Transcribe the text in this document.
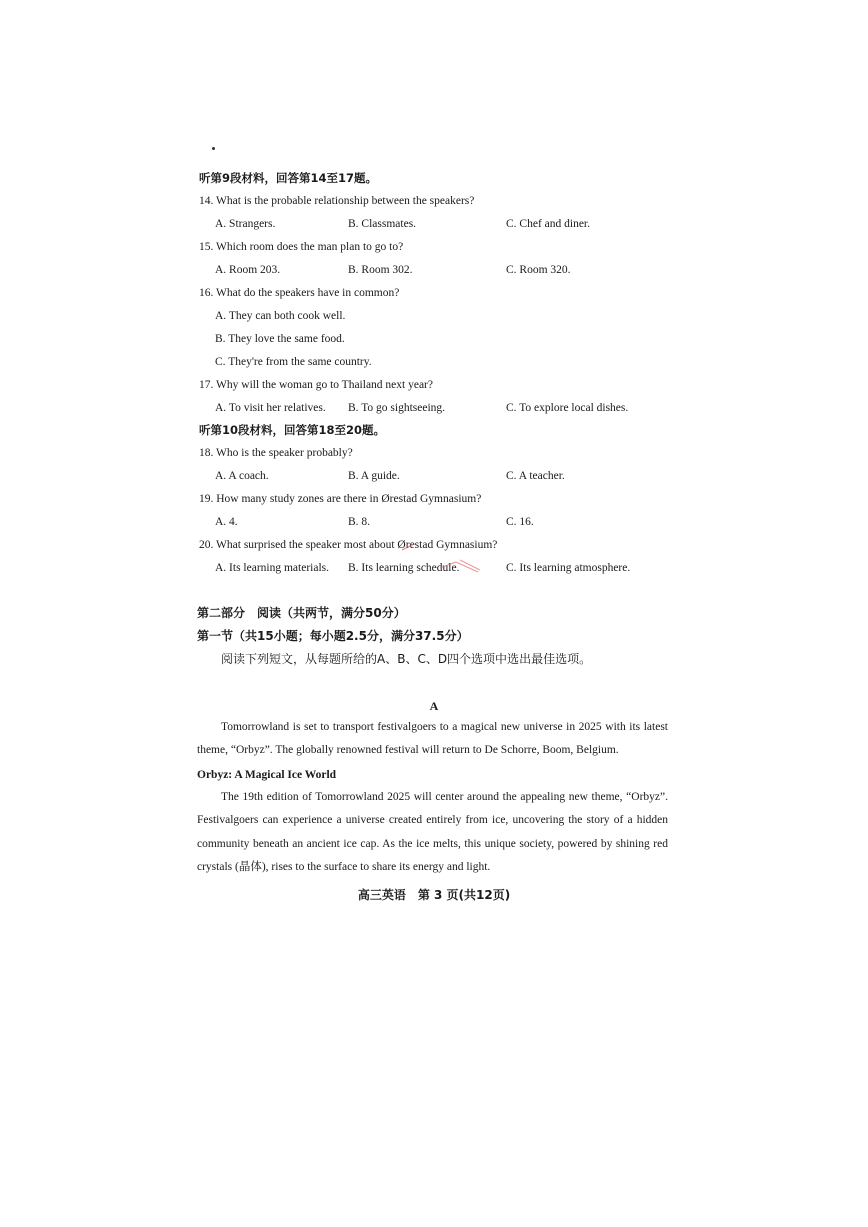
听第9段材料，回答第14至17题。
14. What is the probable relationship between the speakers?
A. Strangers.	B. Classmates.	C. Chef and diner.
15. Which room does the man plan to go to?
A. Room 203.	B. Room 302.	C. Room 320.
16. What do the speakers have in common?
A. They can both cook well.
B. They love the same food.
C. They're from the same country.
17. Why will the woman go to Thailand next year?
A. To visit her relatives. B. To go sightseeing.	C. To explore local dishes.
听第10段材料，回答第18至20题。
18. Who is the speaker probably?
A. A coach.	B. A guide.	C. A teacher.
19. How many study zones are there in Ørestad Gymnasium?
A. 4.	B. 8.	C. 16.
20. What surprised the speaker most about Ørestad Gymnasium?
A. Its learning materials. B. Its learning schedule.	C. Its learning atmosphere.
第二部分　阅读（共两节，满分50分）
第一节（共15小题；每小题2.5分，满分37.5分）
阅读下列短文，从每题所给的A、B、C、D四个选项中选出最佳选项。
A
Tomorrowland is set to transport festivalgoers to a magical new universe in 2025 with its latest theme, “Orbyz”. The globally renowned festival will return to De Schorre, Boom, Belgium.
Orbyz: A Magical Ice World
The 19th edition of Tomorrowland 2025 will center around the appealing new theme, “Orbyz”. Festivalgoers can experience a universe created entirely from ice, uncovering the story of a hidden community beneath an ancient ice cap. As the ice melts, this unique society, powered by shining red crystals (晶体), rises to the surface to share its energy and light.
高三英语　第 3 页(共12页)
